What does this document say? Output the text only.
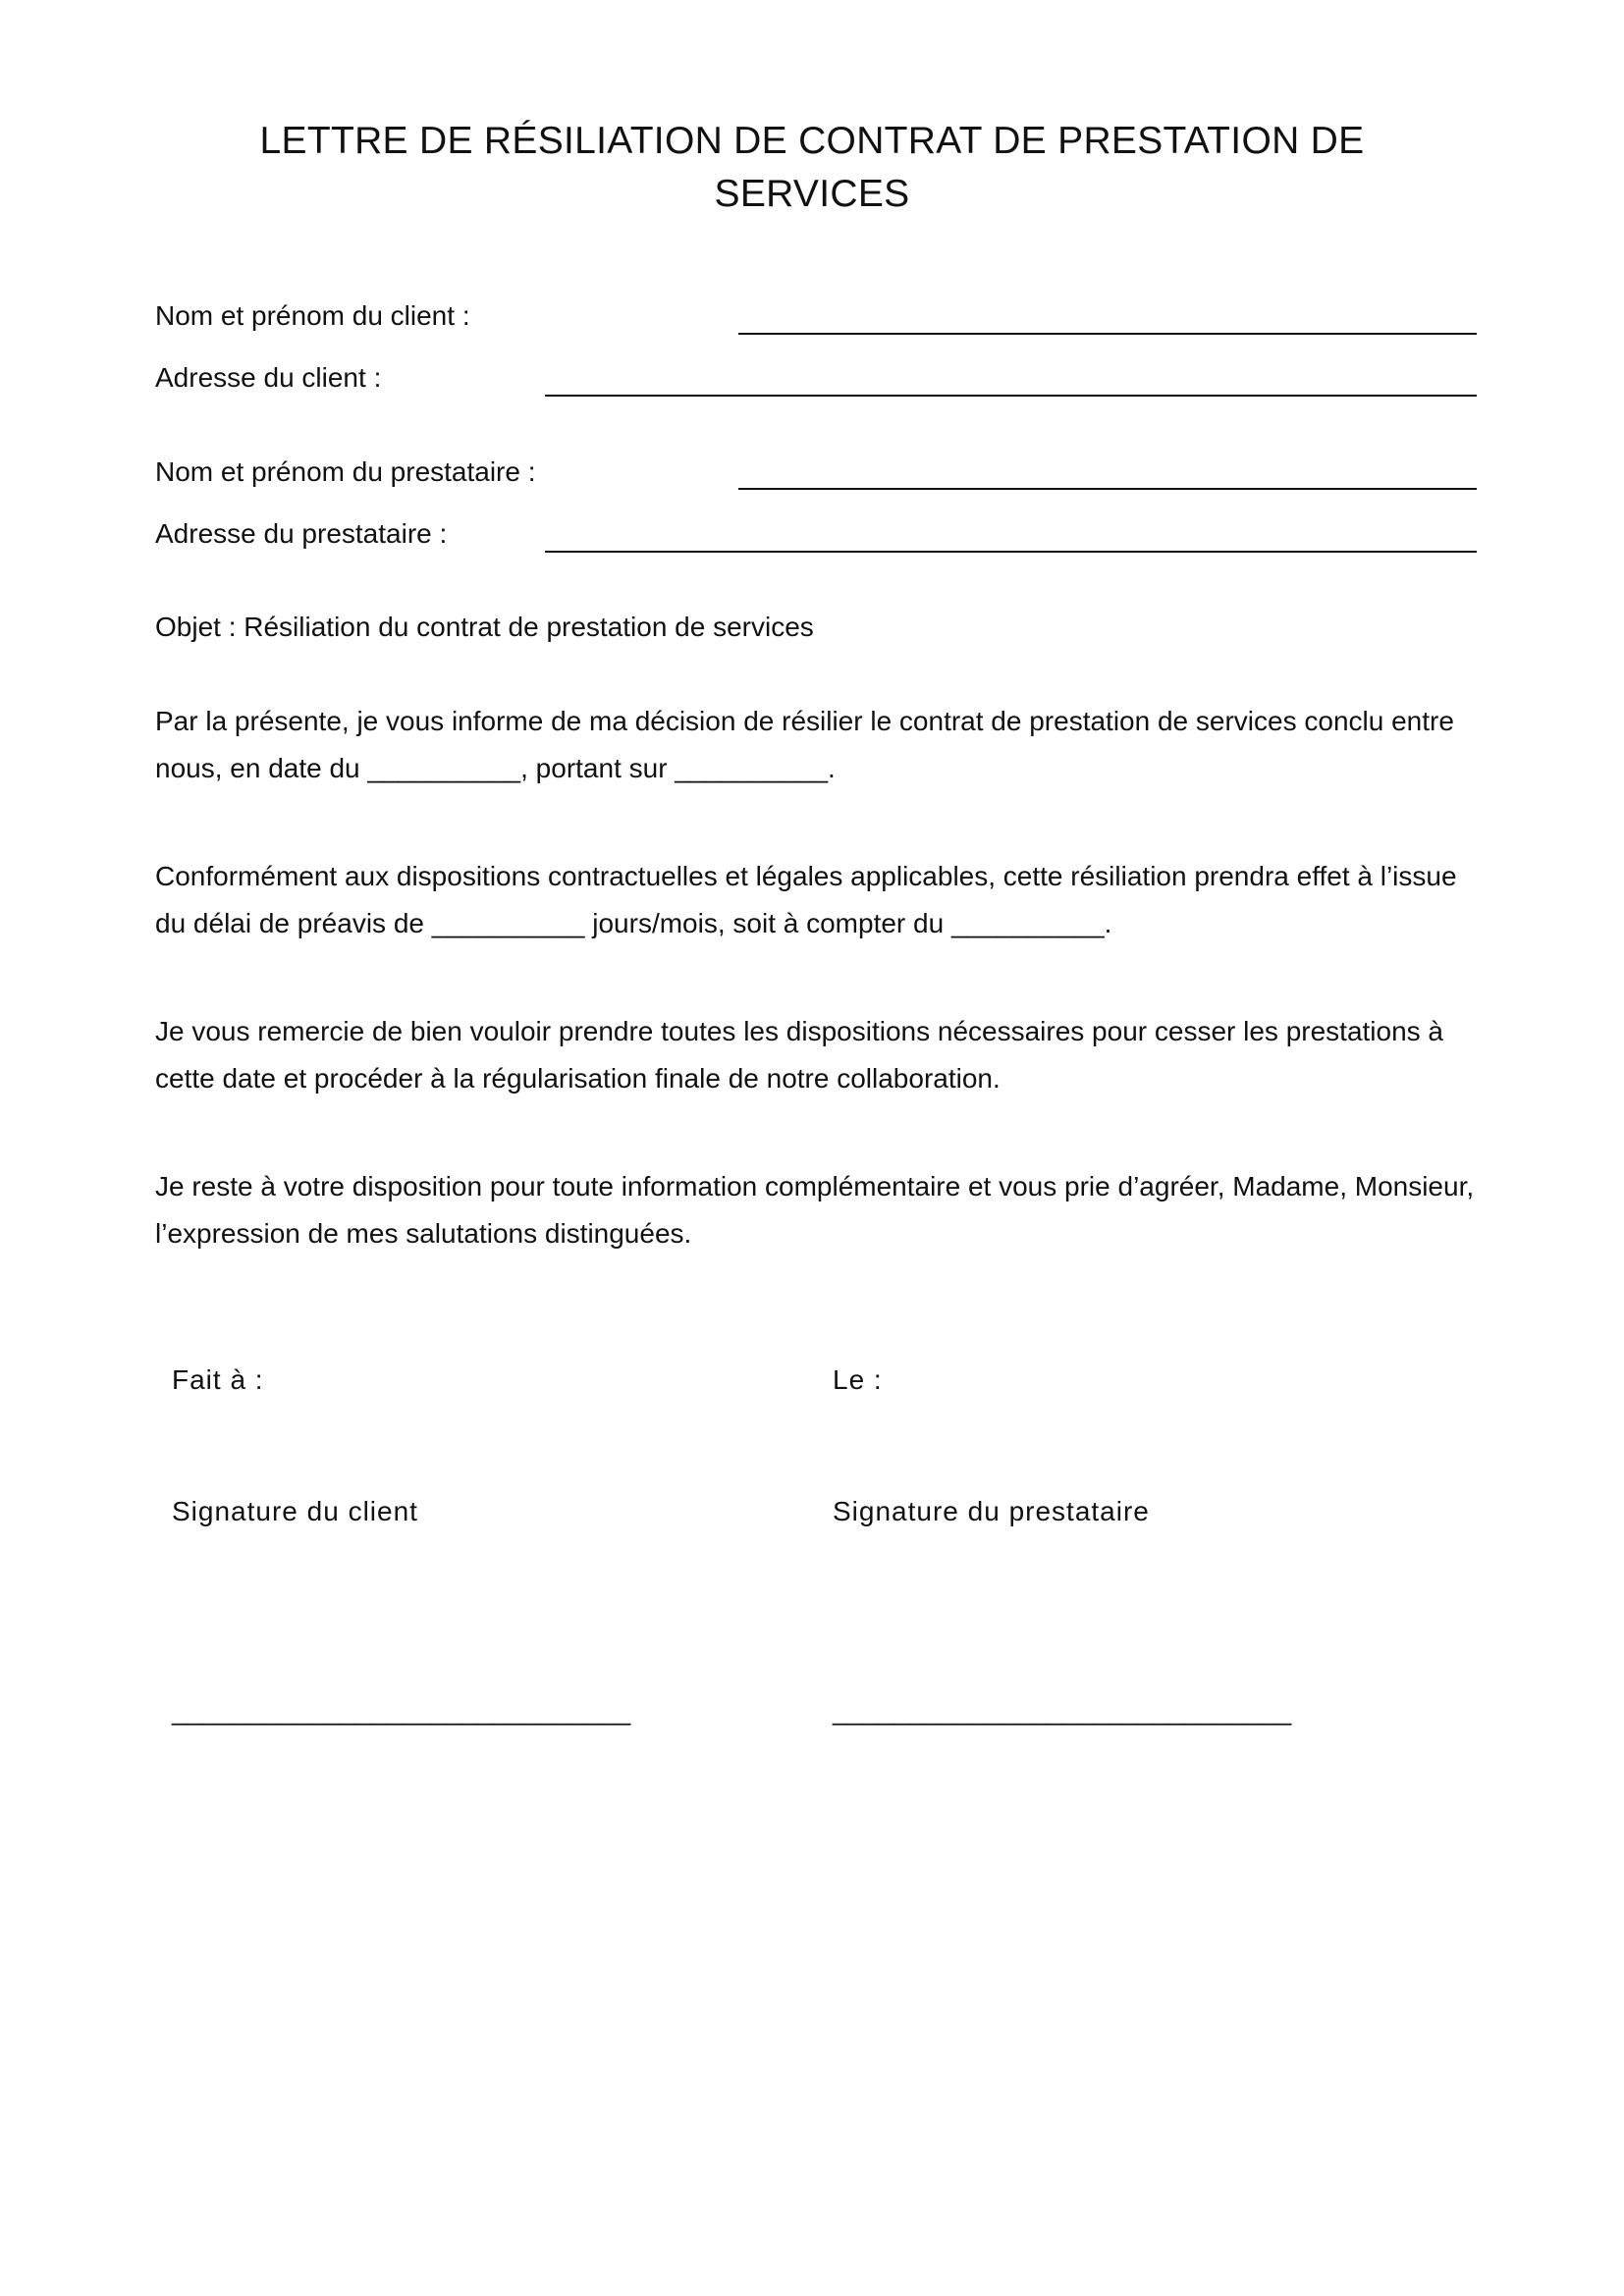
LETTRE DE RÉSILIATION DE CONTRAT DE PRESTATION DE
SERVICES
Nom et prénom du client :
Adresse du client :
Nom et prénom du prestataire :
Adresse du prestataire :
Objet : Résiliation du contrat de prestation de services
Par la présente, je vous informe de ma décision de résilier le contrat de prestation de services conclu entre
nous, en date du __________, portant sur __________.
Conformément aux dispositions contractuelles et légales applicables, cette résiliation prendra effet à l’issue
du délai de préavis de __________ jours/mois, soit à compter du __________.
Je vous remercie de bien vouloir prendre toutes les dispositions nécessaires pour cesser les prestations à
cette date et procéder à la régularisation finale de notre collaboration.
Je reste à votre disposition pour toute information complémentaire et vous prie d’agréer, Madame, Monsieur,
l’expression de mes salutations distinguées.
Fait à :	Le :
Signature du client	Signature du prestataire
______________________________	______________________________
